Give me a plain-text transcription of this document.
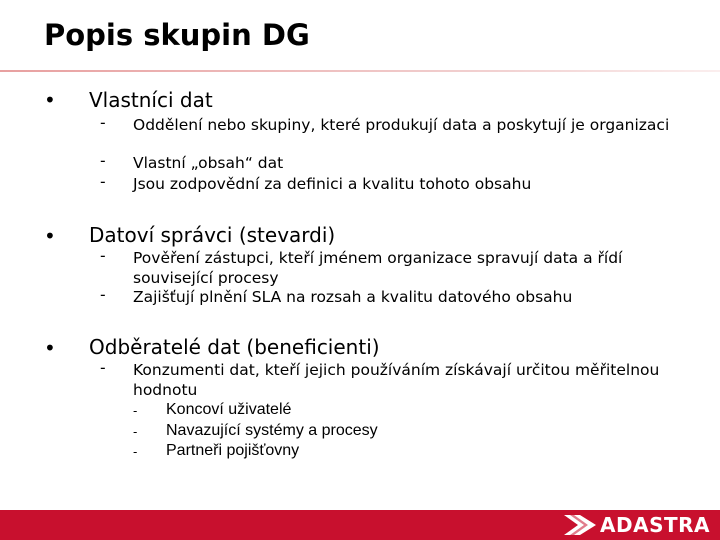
Popis skupin DG
• Vlastníci dat
- Oddělení nebo skupiny, které produkují data a poskytují je organizaci
- Vlastní „obsah“ dat
- Jsou zodpovědní za definici a kvalitu tohoto obsahu
• Datoví správci (stevardi)
- Pověření zástupci, kteří jménem organizace spravují data a řídí související procesy
- Zajišťují plnění SLA na rozsah a kvalitu datového obsahu
• Odběratelé dat (beneficienti)
- Konzumenti dat, kteří jejich používáním získávají určitou měřitelnou hodnotu
- Koncoví uživatelé
- Navazující systémy a procesy
- Partneři pojišťovny
ADASTRA
